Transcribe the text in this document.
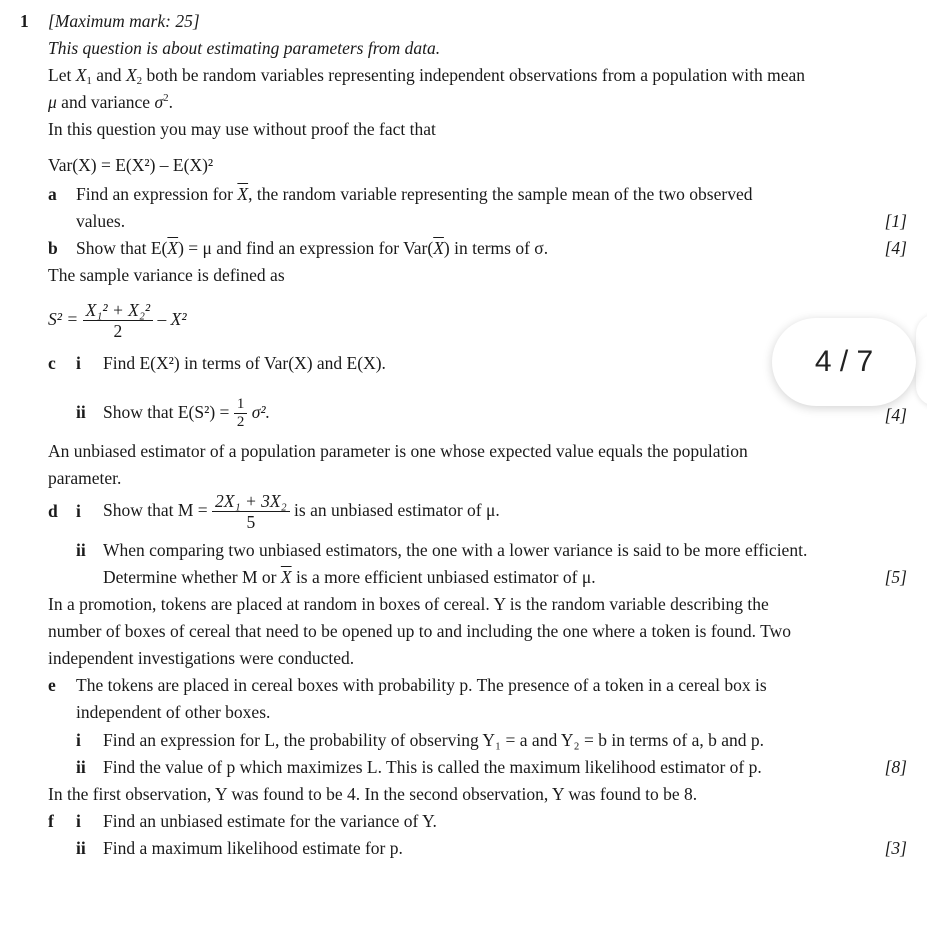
1 [Maximum mark: 25]
This question is about estimating parameters from data.
Let $X_1$ and $X_2$ both be random variables representing independent observations from a population with mean
μ and variance $\sigma^2$.
In this question you may use without proof the fact that
Var(X) = E(X²) – E(X)²
a Find an expression for $\overline{X}$, the random variable representing the sample mean of the two observed
values.	[1]
b Show that $E(\overline{X}) = \mu$ and find an expression for $Var(\overline{X})$ in terms of σ.	[4]
The sample variance is defined as
$S^2 = \frac{\text{X₁² + X₂²}}{2} - X^2$
c i Find E(X²) in terms of Var(X) and E(X).
ii Show that $E(S^2) = \frac{1}{2} \sigma^2$.	[4]
4 / 7
An unbiased estimator of a population parameter is one whose expected value equals the population
parameter.
d i Show that $M = \frac{\text{2X₁ + 3X₂}}{5}$ is an unbiased estimator of μ.
ii When comparing two unbiased estimators, the one with a lower variance is said to be more efficient.
Determine whether M or $\overline{X}$ is a more efficient unbiased estimator of μ.	[5]
In a promotion, tokens are placed at random in boxes of cereal. Y is the random variable describing the
number of boxes of cereal that need to be opened up to and including the one where a token is found. Two
independent investigations were conducted.
e The tokens are placed in cereal boxes with probability p. The presence of a token in a cereal box is
independent of other boxes.
i Find an expression for L, the probability of observing Y₁ = a and Y₂ = b in terms of a, b and p.
ii Find the value of p which maximizes L. This is called the maximum likelihood estimator of p.	[8]
In the first observation, Y was found to be 4. In the second observation, Y was found to be 8.
f i Find an unbiased estimate for the variance of Y.
ii Find a maximum likelihood estimate for p.	[3]
